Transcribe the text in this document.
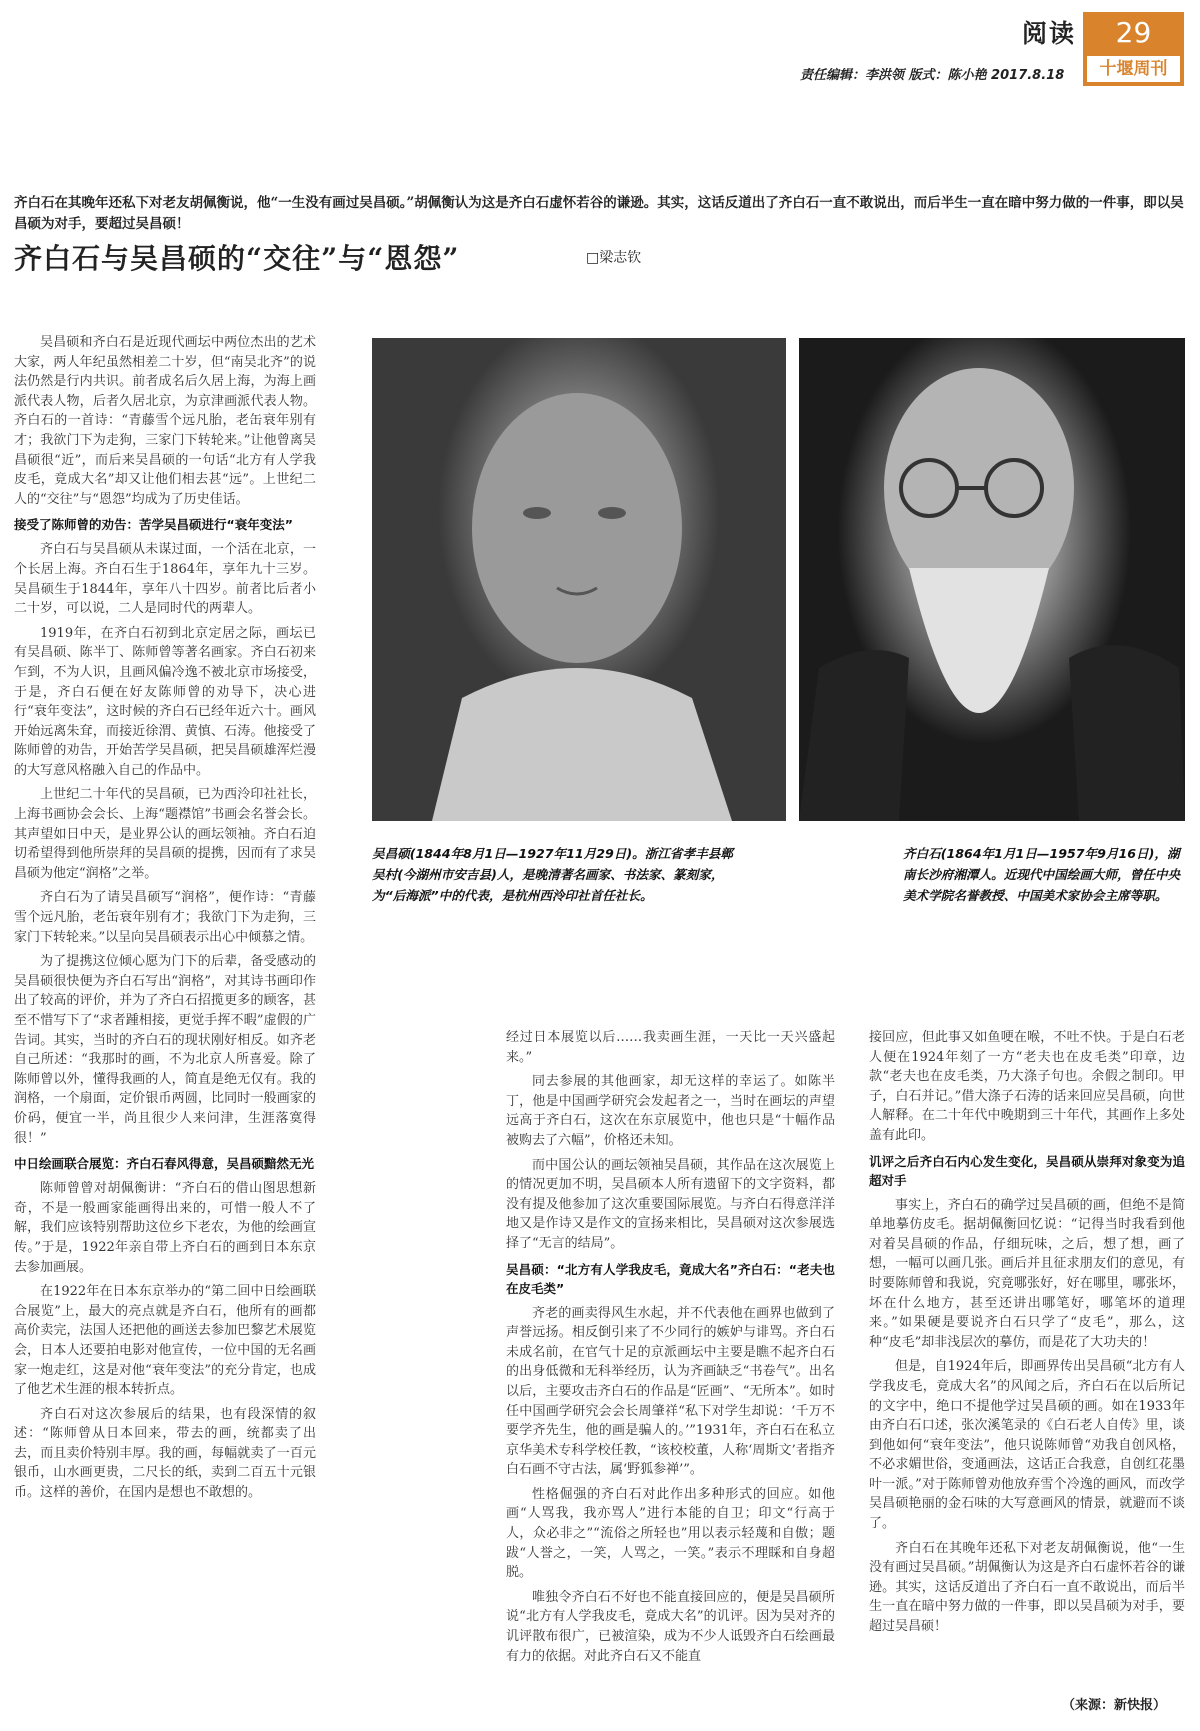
阅读
责任编辑：李洪领 版式：陈小艳 2017.8.18
29
十堰周刊
齐白石在其晚年还私下对老友胡佩衡说，他“一生没有画过吴昌硕。”胡佩衡认为这是齐白石虚怀若谷的谦逊。其实，这话反道出了齐白石一直不敢说出，而后半生一直在暗中努力做的一件事，即以吴昌硕为对手，要超过吴昌硕！
齐白石与吴昌硕的“交往”与“恩怨”	□梁志钦

吴昌硕和齐白石是近现代画坛中两位杰出的艺术大家，两人年纪虽然相差二十岁，但“南吴北齐”的说法仍然是行内共识。前者成名后久居上海，为海上画派代表人物，后者久居北京，为京津画派代表人物。齐白石的一首诗：“青藤雪个远凡胎，老缶衰年别有才；我欲门下为走狗，三家门下转轮来。”让他曾离吴昌硕很“近”，而后来吴昌硕的一句话“北方有人学我皮毛，竟成大名”却又让他们相去甚“远”。上世纪二人的“交往”与“恩怨”均成为了历史佳话。

接受了陈师曾的劝告：苦学吴昌硕进行“衰年变法”

齐白石与吴昌硕从未谋过面，一个活在北京，一个长居上海。齐白石生于1864年，享年九十三岁。吴昌硕生于1844年，享年八十四岁。前者比后者小二十岁，可以说，二人是同时代的两辈人。

1919年，在齐白石初到北京定居之际，画坛已有吴昌硕、陈半丁、陈师曾等著名画家。齐白石初来乍到，不为人识，且画风偏冷逸不被北京市场接受，于是，齐白石便在好友陈师曾的劝导下，决心进行“衰年变法”，这时候的齐白石已经年近六十。画风开始远离朱耷，而接近徐渭、黄慎、石涛。他接受了陈师曾的劝告，开始苦学吴昌硕，把吴昌硕雄浑烂漫的大写意风格融入自己的作品中。

上世纪二十年代的吴昌硕，已为西泠印社社长，上海书画协会会长、上海“题襟馆”书画会名誉会长。其声望如日中天，是业界公认的画坛领袖。齐白石迫切希望得到他所崇拜的吴昌硕的提携，因而有了求吴昌硕为他定“润格”之举。

齐白石为了请吴昌硕写“润格”，便作诗：“青藤雪个远凡胎，老缶衰年别有才；我欲门下为走狗，三家门下转轮来。”以呈向吴昌硕表示出心中倾慕之情。

为了提携这位倾心愿为门下的后辈，备受感动的吴昌硕很快便为齐白石写出“润格”，对其诗书画印作出了较高的评价，并为了齐白石招揽更多的顾客，甚至不惜写下了“求者踵相接，更觉手挥不暇”虚假的广告词。其实，当时的齐白石的现状刚好相反。如齐老自己所述：“我那时的画，不为北京人所喜爱。除了陈师曾以外，懂得我画的人，简直是绝无仅有。我的润格，一个扇面，定价银币两圆，比同时一般画家的价码，便宜一半，尚且很少人来问津，生涯落寞得很！”

中日绘画联合展览：齐白石春风得意，吴昌硕黯然无光

陈师曾曾对胡佩衡讲：“齐白石的借山图思想新奇，不是一般画家能画得出来的，可惜一般人不了解，我们应该特别帮助这位乡下老农，为他的绘画宣传。”于是，1922年亲自带上齐白石的画到日本东京去参加画展。

在1922年在日本东京举办的“第二回中日绘画联合展览”上，最大的亮点就是齐白石，他所有的画都高价卖完，法国人还把他的画送去参加巴黎艺术展览会，日本人还要拍电影对他宣传，一位中国的无名画家一炮走红，这是对他“衰年变法”的充分肯定，也成了他艺术生涯的根本转折点。

齐白石对这次参展后的结果，也有段深情的叙述：“陈师曾从日本回来，带去的画，统都卖了出去，而且卖价特别丰厚。我的画，每幅就卖了一百元银币，山水画更贵，二尺长的纸，卖到二百五十元银币。这样的善价，在国内是想也不敢想的。

吴昌硕(1844年8月1日—1927年11月29日)。浙江省孝丰县鄣吴村(今湖州市安吉县)人，是晚清著名画家、书法家、篆刻家，为“后海派”中的代表，是杭州西泠印社首任社长。
齐白石(1864年1月1日—1957年9月16日)，湖南长沙府湘潭人。近现代中国绘画大师，曾任中央美术学院名誉教授、中国美术家协会主席等职。

经过日本展览以后……我卖画生涯，一天比一天兴盛起来。”

同去参展的其他画家，却无这样的幸运了。如陈半丁，他是中国画学研究会发起者之一，当时在画坛的声望远高于齐白石，这次在东京展览中，他也只是“十幅作品被购去了六幅”，价格还未知。

而中国公认的画坛领袖吴昌硕，其作品在这次展览上的情况更加不明，吴昌硕本人所有遗留下的文字资料，都没有提及他参加了这次重要国际展览。与齐白石得意洋洋地又是作诗又是作文的宣扬来相比，吴昌硕对这次参展选择了“无言的结局”。

吴昌硕：“北方有人学我皮毛，竟成大名”齐白石：“老夫也在皮毛类”

齐老的画卖得风生水起，并不代表他在画界也做到了声誉远扬。相反倒引来了不少同行的嫉妒与诽骂。齐白石未成名前，在官气十足的京派画坛中主要是瞧不起齐白石的出身低微和无科举经历，认为齐画缺乏“书卷气”。出名以后，主要攻击齐白石的作品是“匠画”、“无所本”。如时任中国画学研究会会长周肇祥“私下对学生却说：‘千万不要学齐先生，他的画是骗人的。’”1931年，齐白石在私立京华美术专科学校任教，“该校校董，人称‘周斯文’者指齐白石画不守古法，属‘野狐参禅’”。

性格倔强的齐白石对此作出多种形式的回应。如他画“人骂我，我亦骂人”进行本能的自卫；印文“行高于人，众必非之”“流俗之所轻也”用以表示轻蔑和自傲；题跋“人誉之，一笑，人骂之，一笑。”表示不理睬和自身超脱。

唯独令齐白石不好也不能直接回应的，便是吴昌硕所说“北方有人学我皮毛，竟成大名”的讥评。因为吴对齐的讥评散布很广，已被渲染，成为不少人诋毁齐白石绘画最有力的依据。对此齐白石又不能直

接回应，但此事又如鱼哽在喉，不吐不快。于是白石老人便在1924年刻了一方“老夫也在皮毛类”印章，边款“老夫也在皮毛类，乃大涤子句也。余假之制印。甲子，白石并记。”借大涤子石涛的话来回应吴昌硕，向世人解释。在二十年代中晚期到三十年代，其画作上多处盖有此印。

讥评之后齐白石内心发生变化，吴昌硕从崇拜对象变为追超对手

事实上，齐白石的确学过吴昌硕的画，但绝不是简单地摹仿皮毛。据胡佩衡回忆说：“记得当时我看到他对着吴昌硕的作品，仔细玩味，之后，想了想，画了想，一幅可以画几张。画后并且征求朋友们的意见，有时要陈师曾和我说，究竟哪张好，好在哪里，哪张坏，坏在什么地方，甚至还讲出哪笔好，哪笔坏的道理来。”如果硬是要说齐白石只学了“皮毛”，那么，这种“皮毛”却非浅层次的摹仿，而是花了大功夫的！

但是，自1924年后，即画界传出吴昌硕“北方有人学我皮毛，竟成大名”的风闻之后，齐白石在以后所记的文字中，绝口不提他学过吴昌硕的画。如在1933年由齐白石口述，张次溪笔录的《白石老人自传》里，谈到他如何“衰年变法”，他只说陈师曾“劝我自创风格，不必求媚世俗，变通画法，这话正合我意，自创红花墨叶一派。”对于陈师曾劝他放弃雪个冷逸的画风，而改学吴昌硕艳丽的金石味的大写意画风的情景，就避而不谈了。

齐白石在其晚年还私下对老友胡佩衡说，他“一生没有画过吴昌硕。”胡佩衡认为这是齐白石虚怀若谷的谦逊。其实，这话反道出了齐白石一直不敢说出，而后半生一直在暗中努力做的一件事，即以吴昌硕为对手，要超过吴昌硕！

（来源：新快报）
